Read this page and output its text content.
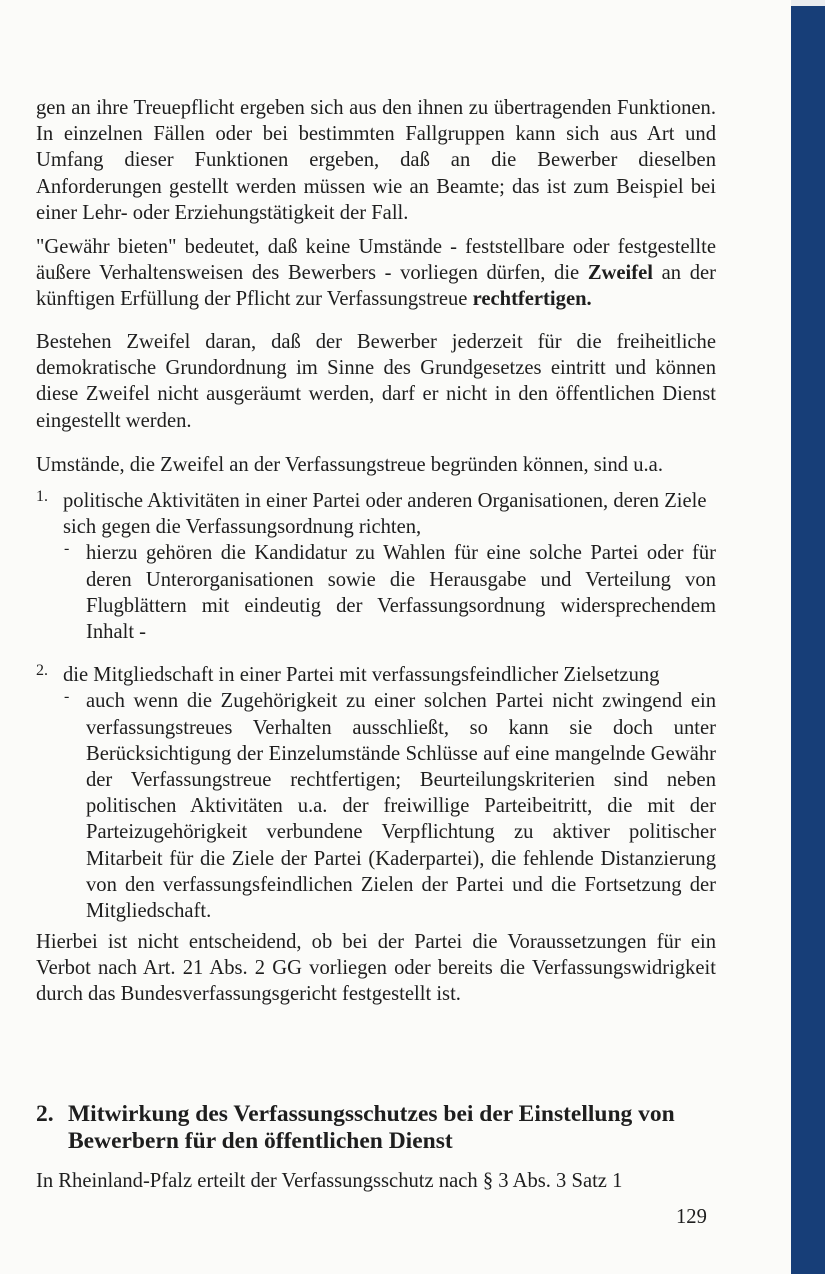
gen an ihre Treuepflicht ergeben sich aus den ihnen zu übertragenden Funktionen. In einzelnen Fällen oder bei bestimmten Fallgruppen kann sich aus Art und Umfang dieser Funktionen ergeben, daß an die Bewerber dieselben Anforderungen gestellt werden müssen wie an Beamte; das ist zum Beispiel bei einer Lehr- oder Erziehungstätigkeit der Fall.

"Gewähr bieten" bedeutet, daß keine Umstände - feststellbare oder festgestellte äußere Verhaltensweisen des Bewerbers - vorliegen dürfen, die Zweifel an der künftigen Erfüllung der Pflicht zur Verfassungstreue rechtfertigen.

Bestehen Zweifel daran, daß der Bewerber jederzeit für die freiheitliche demokratische Grundordnung im Sinne des Grundgesetzes eintritt und können diese Zweifel nicht ausgeräumt werden, darf er nicht in den öffentlichen Dienst eingestellt werden.

Umstände, die Zweifel an der Verfassungstreue begründen können, sind u.a.

1. politische Aktivitäten in einer Partei oder anderen Organisationen, deren Ziele sich gegen die Verfassungsordnung richten,

- hierzu gehören die Kandidatur zu Wahlen für eine solche Partei oder für deren Unterorganisationen sowie die Herausgabe und Verteilung von Flugblättern mit eindeutig der Verfassungsordnung widersprechendem Inhalt -

2. die Mitgliedschaft in einer Partei mit verfassungsfeindlicher Zielsetzung

- auch wenn die Zugehörigkeit zu einer solchen Partei nicht zwingend ein verfassungstreues Verhalten ausschließt, so kann sie doch unter Berücksichtigung der Einzelumstände Schlüsse auf eine mangelnde Gewähr der Verfassungstreue rechtfertigen; Beurteilungskriterien sind neben politischen Aktivitäten u.a. der freiwillige Parteibeitritt, die mit der Parteizugehörigkeit verbundene Verpflichtung zu aktiver politischer Mitarbeit für die Ziele der Partei (Kaderpartei), die fehlende Distanzierung von den verfassungsfeindlichen Zielen der Partei und die Fortsetzung der Mitgliedschaft.

Hierbei ist nicht entscheidend, ob bei der Partei die Voraussetzungen für ein Verbot nach Art. 21 Abs. 2 GG vorliegen oder bereits die Verfassungswidrigkeit durch das Bundesverfassungsgericht festgestellt ist.

2. Mitwirkung des Verfassungsschutzes bei der Einstellung von Bewerbern für den öffentlichen Dienst

In Rheinland-Pfalz erteilt der Verfassungsschutz nach § 3 Abs. 3 Satz 1

129
